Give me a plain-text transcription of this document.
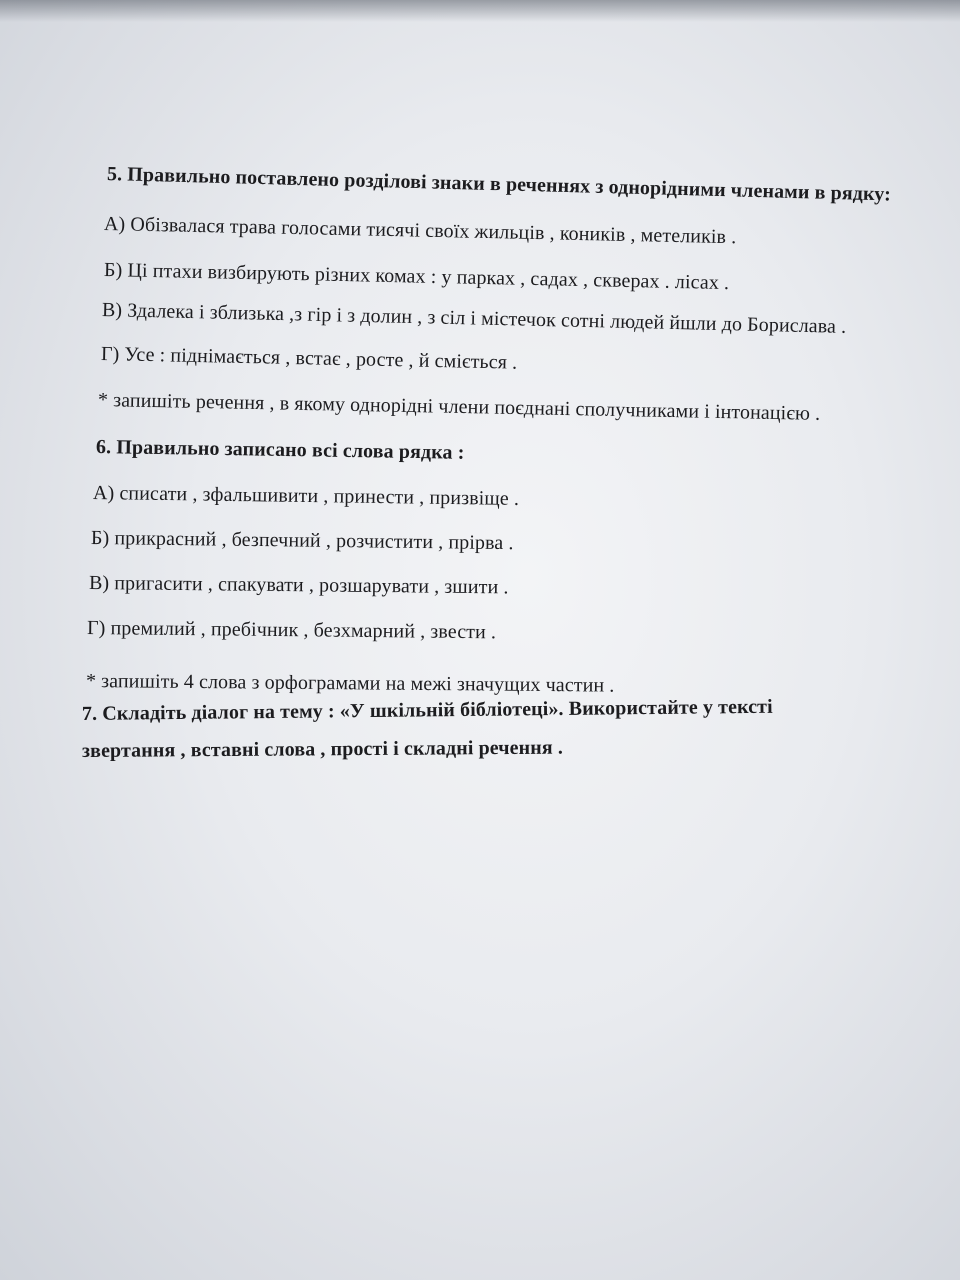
5. Правильно поставлено розділові знаки в реченнях з однорідними членами в рядку:
А) Обізвалася трава голосами тисячі своїх жильців , коників , метеликів .
Б) Ці птахи визбирують різних комах : у парках , садах , скверах . лісах .
В) Здалека і зблизька ,з гір і з долин , з сіл і містечок сотні людей йшли до Борислава .
Г) Усе : піднімається , встає , росте , й сміється .
* запишіть речення , в якому однорідні члени поєднані сполучниками і інтонацією .
6. Правильно записано всі слова рядка :
А) списати , зфальшивити , принести , призвіще .
Б) прикрасний , безпечний , розчистити , прірва .
В) пригасити , спакувати , розшарувати , зшити .
Г) премилий , пребічник , безхмарний , звести .
* запишіть 4 слова з орфограмами на межі значущих частин .
7. Складіть діалог на тему : «У шкільній бібліотеці». Використайте у тексті
звертання , вставні слова , прості і складні речення .
